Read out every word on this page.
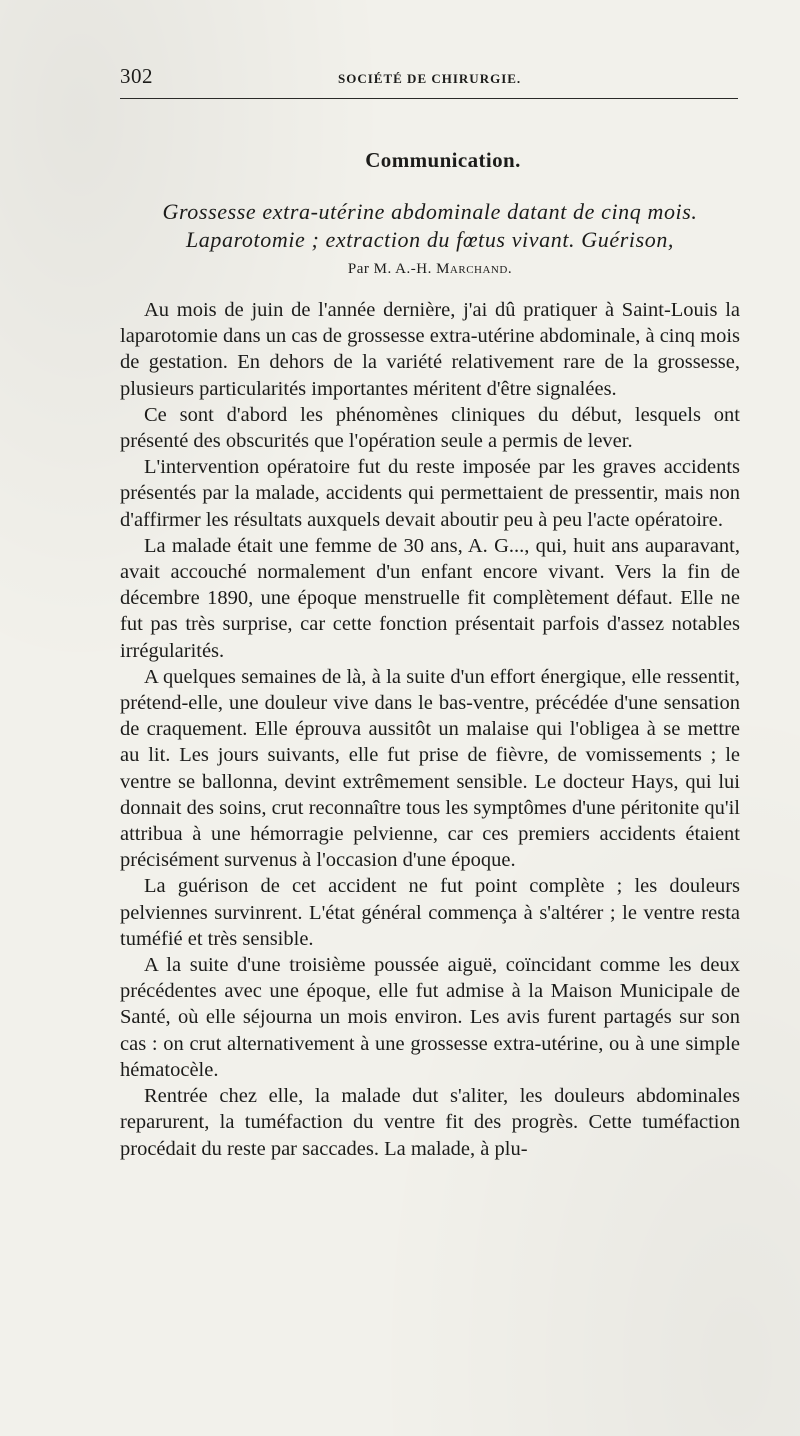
302	SOCIÉTÉ DE CHIRURGIE.
Communication.
Grossesse extra-utérine abdominale datant de cinq mois.
Laparotomie ; extraction du fœtus vivant. Guérison,
Par M. A.-H. Marchand.

Au mois de juin de l'année dernière, j'ai dû pratiquer à Saint-Louis la laparotomie dans un cas de grossesse extra-utérine abdominale, à cinq mois de gestation. En dehors de la variété relativement rare de la grossesse, plusieurs particularités importantes méritent d'être signalées.

Ce sont d'abord les phénomènes cliniques du début, lesquels ont présenté des obscurités que l'opération seule a permis de lever.

L'intervention opératoire fut du reste imposée par les graves accidents présentés par la malade, accidents qui permettaient de pressentir, mais non d'affirmer les résultats auxquels devait aboutir peu à peu l'acte opératoire.

La malade était une femme de 30 ans, A. G..., qui, huit ans auparavant, avait accouché normalement d'un enfant encore vivant. Vers la fin de décembre 1890, une époque menstruelle fit complètement défaut. Elle ne fut pas très surprise, car cette fonction présentait parfois d'assez notables irrégularités.

A quelques semaines de là, à la suite d'un effort énergique, elle ressentit, prétend-elle, une douleur vive dans le bas-ventre, précédée d'une sensation de craquement. Elle éprouva aussitôt un malaise qui l'obligea à se mettre au lit. Les jours suivants, elle fut prise de fièvre, de vomissements ; le ventre se ballonna, devint extrêmement sensible. Le docteur Hays, qui lui donnait des soins, crut reconnaître tous les symptômes d'une péritonite qu'il attribua à une hémorragie pelvienne, car ces premiers accidents étaient précisément survenus à l'occasion d'une époque.

La guérison de cet accident ne fut point complète ; les douleurs pelviennes survinrent. L'état général commença à s'altérer ; le ventre resta tuméfié et très sensible.

A la suite d'une troisième poussée aiguë, coïncidant comme les deux précédentes avec une époque, elle fut admise à la Maison Municipale de Santé, où elle séjourna un mois environ. Les avis furent partagés sur son cas : on crut alternativement à une grossesse extra-utérine, ou à une simple hématocèle.

Rentrée chez elle, la malade dut s'aliter, les douleurs abdominales reparurent, la tuméfaction du ventre fit des progrès. Cette tuméfaction procédait du reste par saccades. La malade, à plu-
